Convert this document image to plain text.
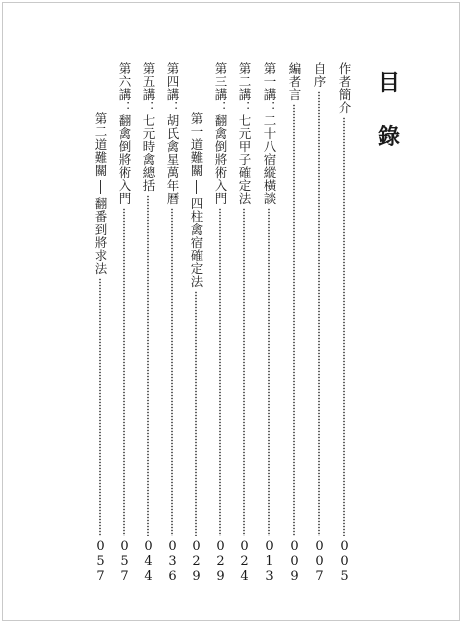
目
錄
作者簡介
005
自序
007
編者言
009
第一講：二十八宿縱橫談
013
第二講：七元甲子確定法
024
第三講：翻禽倒將術入門
029
第一道難關
四柱禽宿確定法
029
第四講：胡氏禽星萬年曆
036
第五講：七元時禽總括
044
第六講：翻禽倒將術入門
057
第二道難關
翻番到將求法
057
